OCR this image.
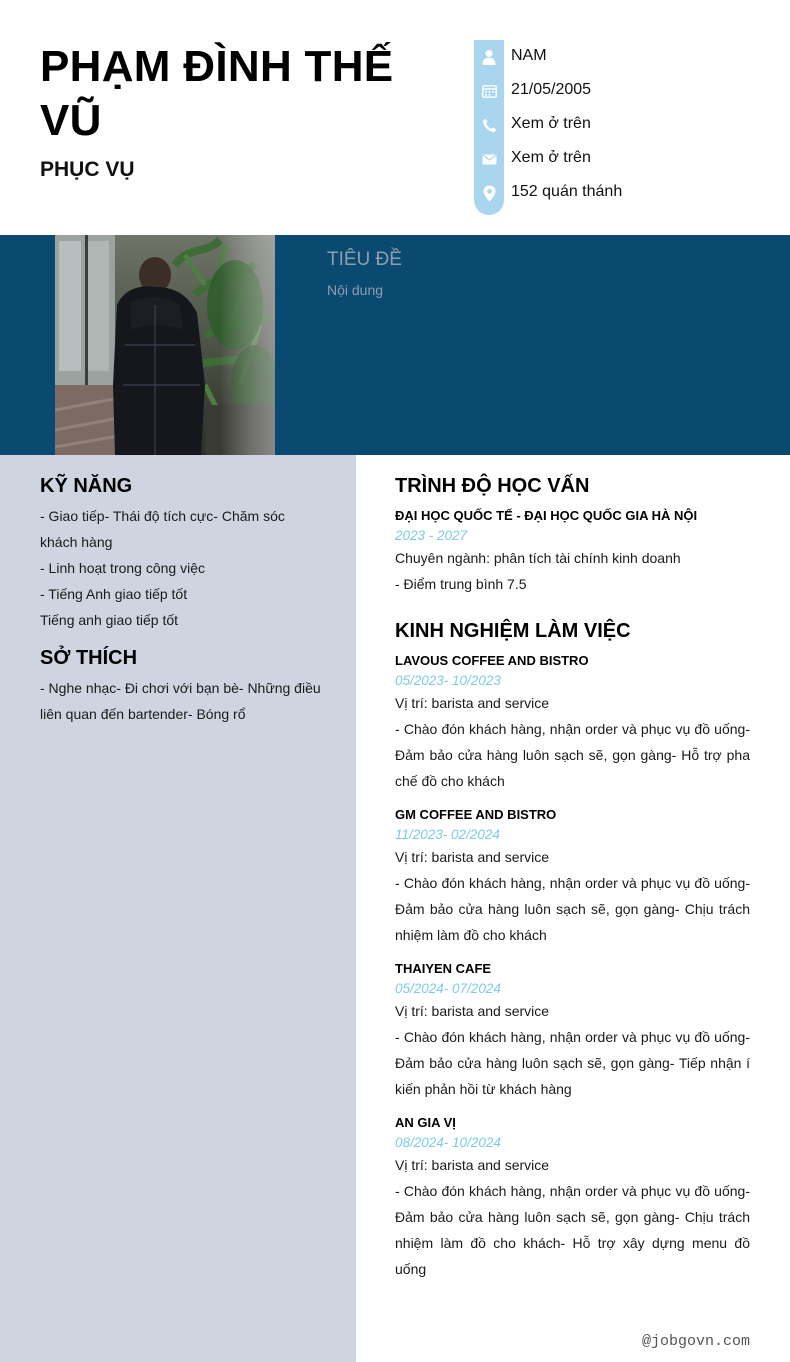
PHẠM ĐÌNH THẾ VŨ
PHỤC VỤ
NAM
21/05/2005
Xem ở trên
Xem ở trên
152 quán thánh
TIÊU ĐỀ
Nội dung
KỸ NĂNG
- Giao tiếp- Thái độ tích cực- Chăm sóc
khách hàng
- Linh hoạt trong công việc
- Tiếng Anh giao tiếp tốt
Tiếng anh giao tiếp tốt
SỞ THÍCH
- Nghe nhạc- Đi chơi với bạn bè- Những điều
liên quan đến bartender- Bóng rổ
TRÌNH ĐỘ HỌC VẤN
ĐẠI HỌC QUỐC TẾ - ĐẠI HỌC QUỐC GIA HÀ NỘI
2023 - 2027
Chuyên ngành: phân tích tài chính kinh doanh
- Điểm trung bình 7.5
KINH NGHIỆM LÀM VIỆC
LAVOUS COFFEE AND BISTRO
05/2023- 10/2023
Vị trí: barista and service
- Chào đón khách hàng, nhận order và phục vụ đồ uống- Đảm bảo cửa hàng luôn sạch sẽ, gọn gàng- Hỗ trợ pha chế đồ cho khách
GM COFFEE AND BISTRO
11/2023- 02/2024
Vị trí: barista and service
- Chào đón khách hàng, nhận order và phục vụ đồ uống- Đảm bảo cửa hàng luôn sạch sẽ, gọn gàng- Chịu trách nhiệm làm đồ cho khách
THAIYEN CAFE
05/2024- 07/2024
Vị trí: barista and service
- Chào đón khách hàng, nhận order và phục vụ đồ uống- Đảm bảo cửa hàng luôn sạch sẽ, gọn gàng- Tiếp nhận í kiến phản hồi từ khách hàng
AN GIA VỊ
08/2024- 10/2024
Vị trí: barista and service
- Chào đón khách hàng, nhận order và phục vụ đồ uống- Đảm bảo cửa hàng luôn sạch sẽ, gọn gàng- Chịu trách nhiệm làm đồ cho khách- Hỗ trợ xây dựng menu đồ uống
@jobgovn.com
